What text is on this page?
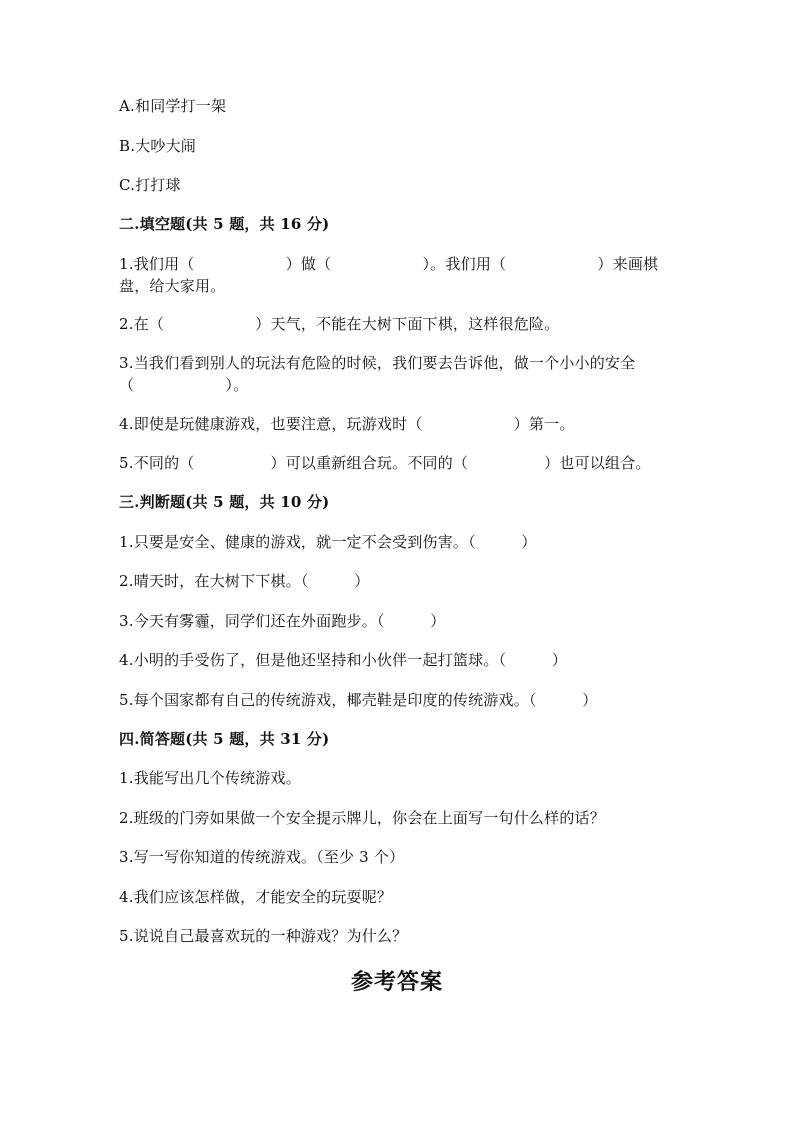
A.和同学打一架
B.大吵大闹
C.打打球
二.填空题(共 5 题，共 16 分)
1.我们用（　　　　　　）做（　　　　　　）。我们用（　　　　　　）来画棋
盘，给大家用。
2.在（　　　　　　）天气，不能在大树下面下棋，这样很危险。
3.当我们看到别人的玩法有危险的时候，我们要去告诉他，做一个小小的安全
（　　　　　　）。
4.即使是玩健康游戏，也要注意，玩游戏时（　　　　　　）第一。
5.不同的（　　　　　）可以重新组合玩。不同的（　　　　　）也可以组合。
三.判断题(共 5 题，共 10 分)
1.只要是安全、健康的游戏，就一定不会受到伤害。（　　　）
2.晴天时，在大树下下棋。（　　　）
3.今天有雾霾，同学们还在外面跑步。（　　　）
4.小明的手受伤了，但是他还坚持和小伙伴一起打篮球。（　　　）
5.每个国家都有自己的传统游戏，椰壳鞋是印度的传统游戏。（　　　）
四.简答题(共 5 题，共 31 分)
1.我能写出几个传统游戏。
2.班级的门旁如果做一个安全提示牌儿，你会在上面写一句什么样的话？
3.写一写你知道的传统游戏。（至少 3 个）
4.我们应该怎样做，才能安全的玩耍呢？
5.说说自己最喜欢玩的一种游戏？为什么？
参考答案
